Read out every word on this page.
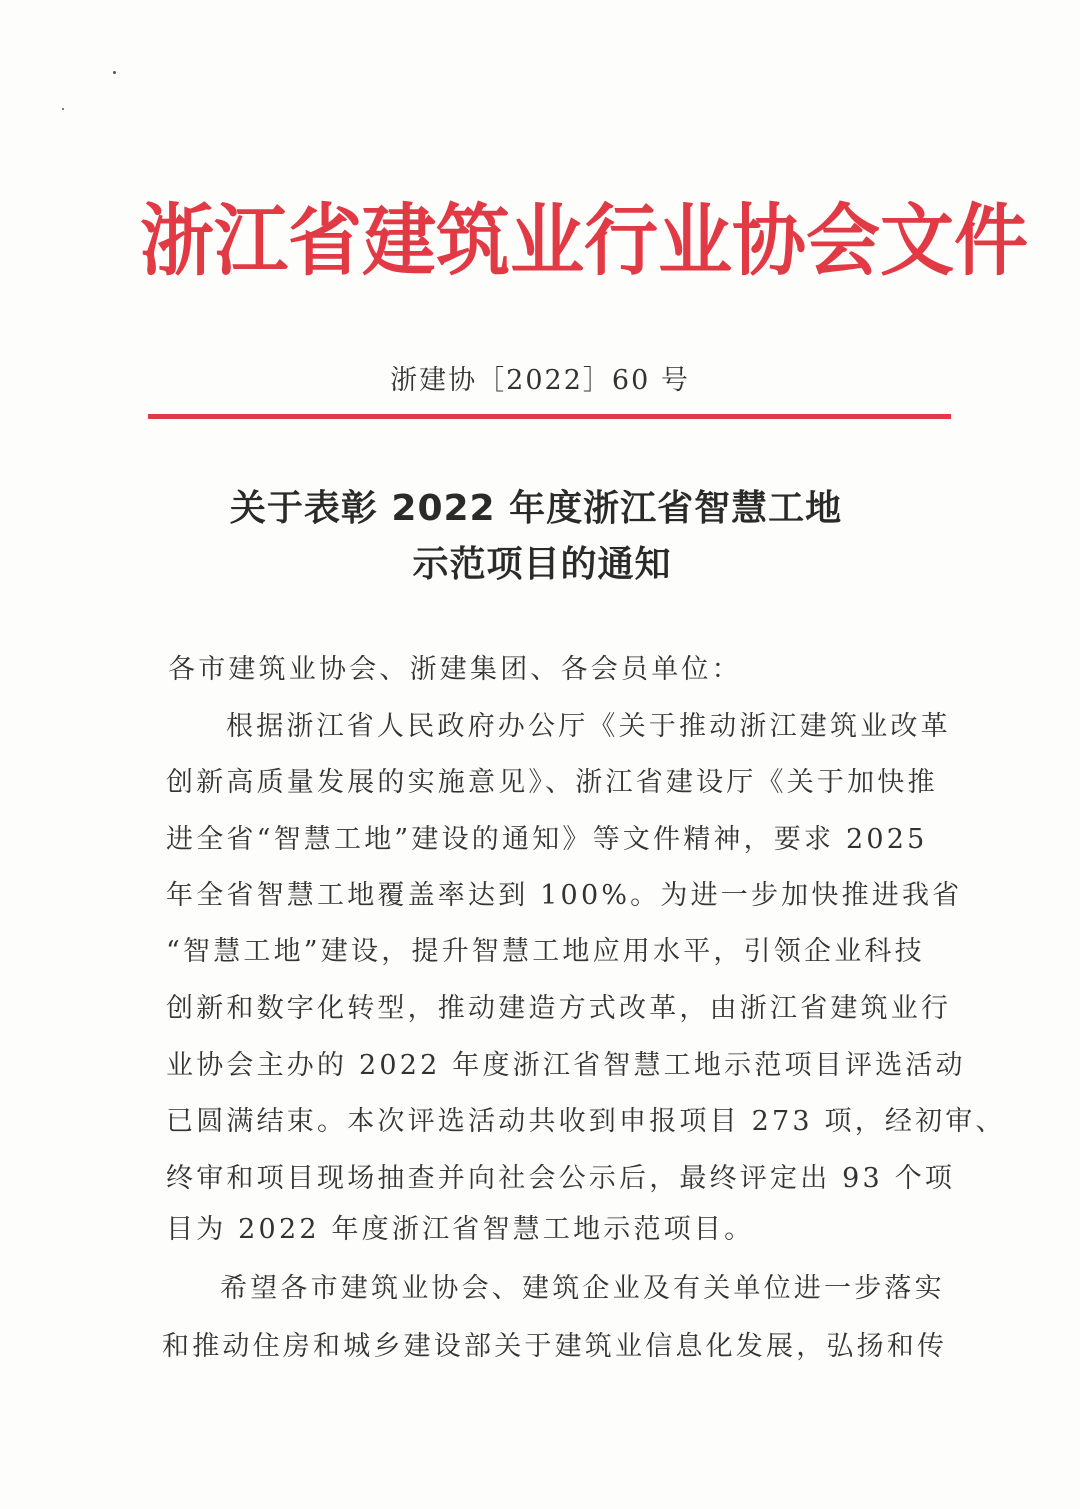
浙江省建筑业行业协会文件
浙建协［2022］60 号
关于表彰 2022 年度浙江省智慧工地
示范项目的通知
各市建筑业协会、浙建集团、各会员单位：
根据浙江省人民政府办公厅《关于推动浙江建筑业改革
创新高质量发展的实施意见》、浙江省建设厅《关于加快推
进全省“智慧工地”建设的通知》等文件精神，要求 2025
年全省智慧工地覆盖率达到 100%。为进一步加快推进我省
“智慧工地”建设，提升智慧工地应用水平，引领企业科技
创新和数字化转型，推动建造方式改革，由浙江省建筑业行
业协会主办的 2022 年度浙江省智慧工地示范项目评选活动
已圆满结束。本次评选活动共收到申报项目 273 项，经初审、
终审和项目现场抽查并向社会公示后，最终评定出 93 个项
目为 2022 年度浙江省智慧工地示范项目。
希望各市建筑业协会、建筑企业及有关单位进一步落实
和推动住房和城乡建设部关于建筑业信息化发展，弘扬和传
